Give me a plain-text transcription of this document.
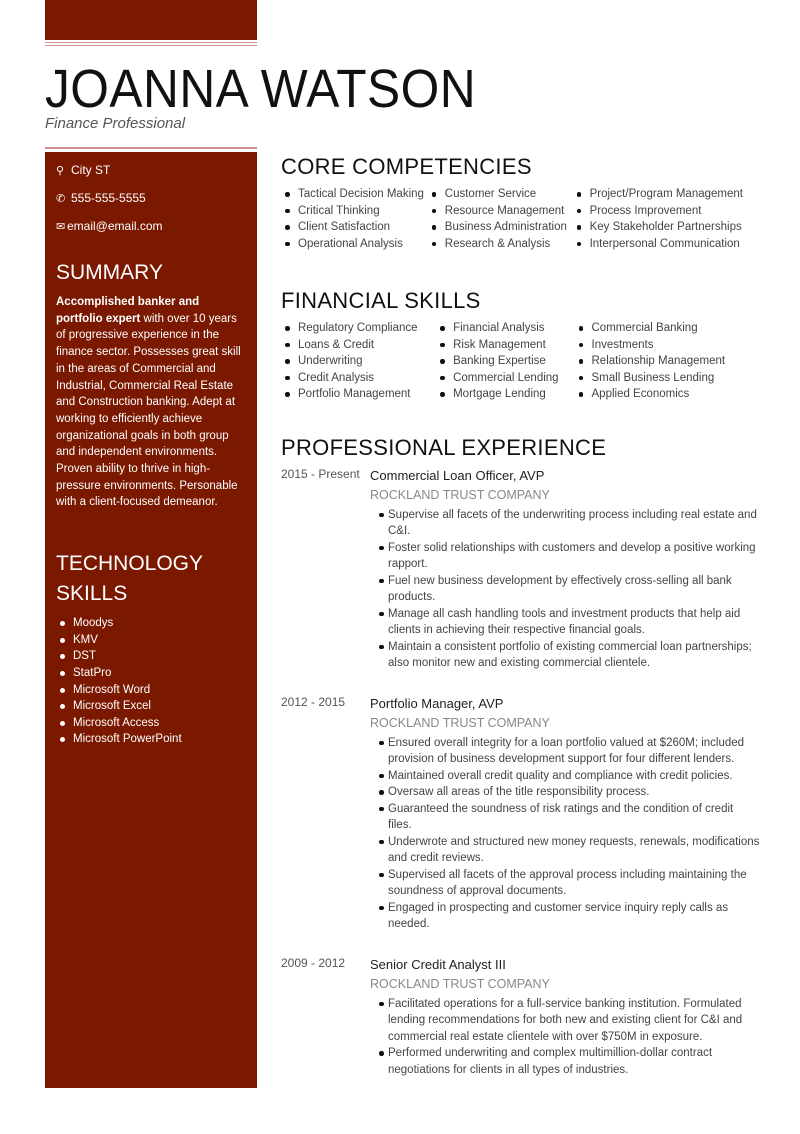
JOANNA WATSON
Finance Professional
⚲ City ST
✆ 555-555-5555
✉ email@email.com
SUMMARY

Accomplished banker and portfolio expert with over 10 years of progressive experience in the finance sector. Possesses great skill in the areas of Commercial and Industrial, Commercial Real Estate and Construction banking. Adept at working to efficiently achieve organizational goals in both group and independent environments. Proven ability to thrive in high-pressure environments. Personable with a client-focused demeanor.

TECHNOLOGY SKILLS
Moodys
KMV
DST
StatPro
Microsoft Word
Microsoft Excel
Microsoft Access
Microsoft PowerPoint
CORE COMPETENCIES
Tactical Decision Making
Critical Thinking
Client Satisfaction
Operational Analysis
Customer Service
Resource Management
Business Administration
Research & Analysis
Project/Program Management
Process Improvement
Key Stakeholder Partnerships
Interpersonal Communication
FINANCIAL SKILLS
Regulatory Compliance
Loans & Credit
Underwriting
Credit Analysis
Portfolio Management
Financial Analysis
Risk Management
Banking Expertise
Commercial Lending
Mortgage Lending
Commercial Banking
Investments
Relationship Management
Small Business Lending
Applied Economics
PROFESSIONAL EXPERIENCE
2015 - Present Commercial Loan Officer, AVP
ROCKLAND TRUST COMPANY
Supervise all facets of the underwriting process including real estate and C&I.
Foster solid relationships with customers and develop a positive working rapport.
Fuel new business development by effectively cross-selling all bank products.
Manage all cash handling tools and investment products that help aid clients in achieving their respective financial goals.
Maintain a consistent portfolio of existing commercial loan partnerships; also monitor new and existing commercial clientele.
2012 - 2015 Portfolio Manager, AVP
ROCKLAND TRUST COMPANY
Ensured overall integrity for a loan portfolio valued at $260M; included provision of business development support for four different lenders.
Maintained overall credit quality and compliance with credit policies.
Oversaw all areas of the title responsibility process.
Guaranteed the soundness of risk ratings and the condition of credit files.
Underwrote and structured new money requests, renewals, modifications and credit reviews.
Supervised all facets of the approval process including maintaining the soundness of approval documents.
Engaged in prospecting and customer service inquiry reply calls as needed.
2009 - 2012 Senior Credit Analyst III
ROCKLAND TRUST COMPANY
Facilitated operations for a full-service banking institution. Formulated lending recommendations for both new and existing client for C&I and commercial real estate clientele with over $750M in exposure.
Performed underwriting and complex multimillion-dollar contract negotiations for clients in all types of industries.
